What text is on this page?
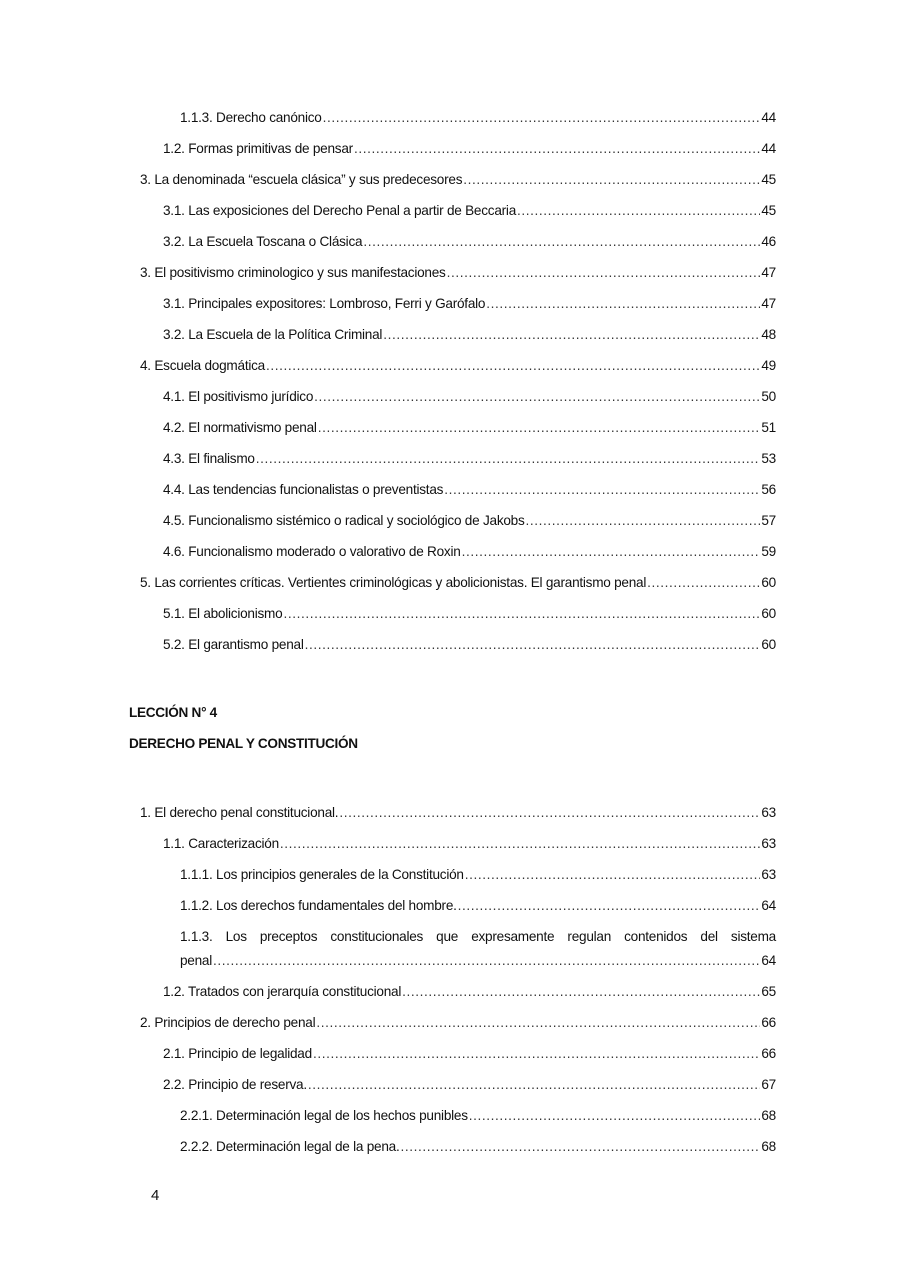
1.1.3. Derecho canónico .....	44
1.2. Formas primitivas de pensar .....	44
3. La denominada “escuela clásica” y sus predecesores .....	45
3.1. Las exposiciones del Derecho Penal a partir de Beccaria .....	45
3.2. La Escuela Toscana o Clásica .....	46
3. El positivismo criminologico y sus manifestaciones .....	47
3.1. Principales expositores: Lombroso, Ferri y Garófalo .....	47
3.2. La Escuela de la Política Criminal .....	48
4. Escuela dogmática .....	49
4.1. El positivismo jurídico .....	50
4.2. El normativismo penal .....	51
4.3. El finalismo .....	53
4.4. Las tendencias funcionalistas o preventistas .....	56
4.5. Funcionalismo sistémico o radical y sociológico de Jakobs .....	57
4.6. Funcionalismo moderado o valorativo de Roxin .....	59
5. Las corrientes críticas. Vertientes criminológicas y abolicionistas. El garantismo penal .....	60
5.1. El abolicionismo .....	60
5.2. El garantismo penal .....	60
LECCIÓN N° 4
DERECHO PENAL Y CONSTITUCIÓN
1. El derecho penal constitucional. .....	63
1.1. Caracterización .....	63
1.1.1. Los principios generales de la Constitución .....	63
1.1.2. Los derechos fundamentales del hombre. .....	64
1.1.3. Los preceptos constitucionales que expresamente regulan contenidos del sistema
penal .....	64
1.2. Tratados con jerarquía constitucional .....	65
2. Principios de derecho penal .....	66
2.1. Principio de legalidad .....	66
2.2. Principio de reserva. .....	67
2.2.1. Determinación legal de los hechos punibles .....	68
2.2.2. Determinación legal de la pena. .....	68
4
